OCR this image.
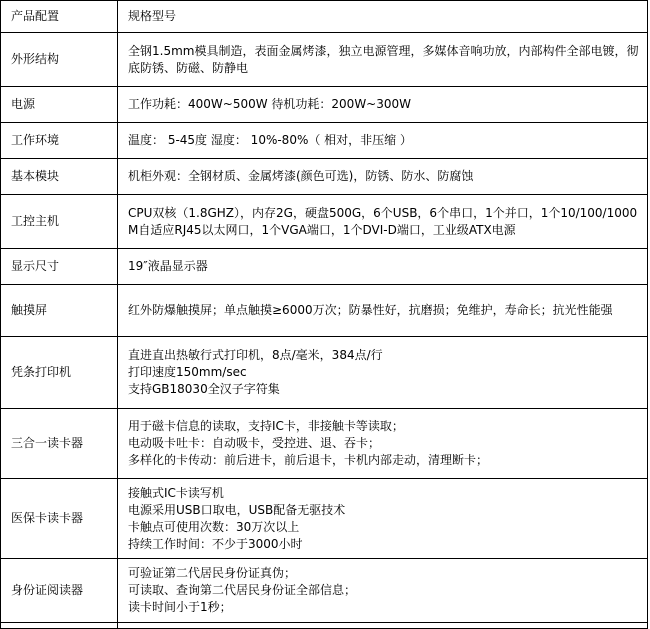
产品配置	规格型号
外形结构	全钢1.5mm模具制造，表面金属烤漆，独立电源管理，多媒体音响功放，内部构件全部电镀，彻底防锈、防磁、防静电

电源	工作功耗：400W~500W 待机功耗：200W~300W

工作环境	温度： 5-45度 湿度： 10%-80%（ 相对，非压缩 ）

基本模块	机柜外观：全钢材质、金属烤漆(颜色可选)，防锈、防水、防腐蚀

工控主机	CPU双核（1.8GHZ），内存2G，硬盘500G，6个USB，6个串口，1个并口，1个10/100/1000M自适应RJ45以太网口，1个VGA端口，1个DVI-D端口，工业级ATX电源

显示尺寸	19″液晶显示器

触摸屏	红外防爆触摸屏；单点触摸≥6000万次；防暴性好，抗磨损；免维护，寿命长；抗光性能强

凭条打印机	直进直出热敏行式打印机，8点/毫米，384点/行
打印速度150mm/sec
支持GB18030全汉子字符集

三合一读卡器	用于磁卡信息的读取，支持IC卡，非接触卡等读取；
电动吸卡吐卡：自动吸卡，受控进、退、吞卡；
多样化的卡传动：前后进卡，前后退卡，卡机内部走动，清理断卡；

医保卡读卡器	接触式IC卡读写机
电源采用USB口取电，USB配备无驱技术
卡触点可使用次数：30万次以上
持续工作时间：不少于3000小时

身份证阅读器	可验证第二代居民身份证真伪；
可读取、查询第二代居民身份证全部信息；
读卡时间小于1秒；
